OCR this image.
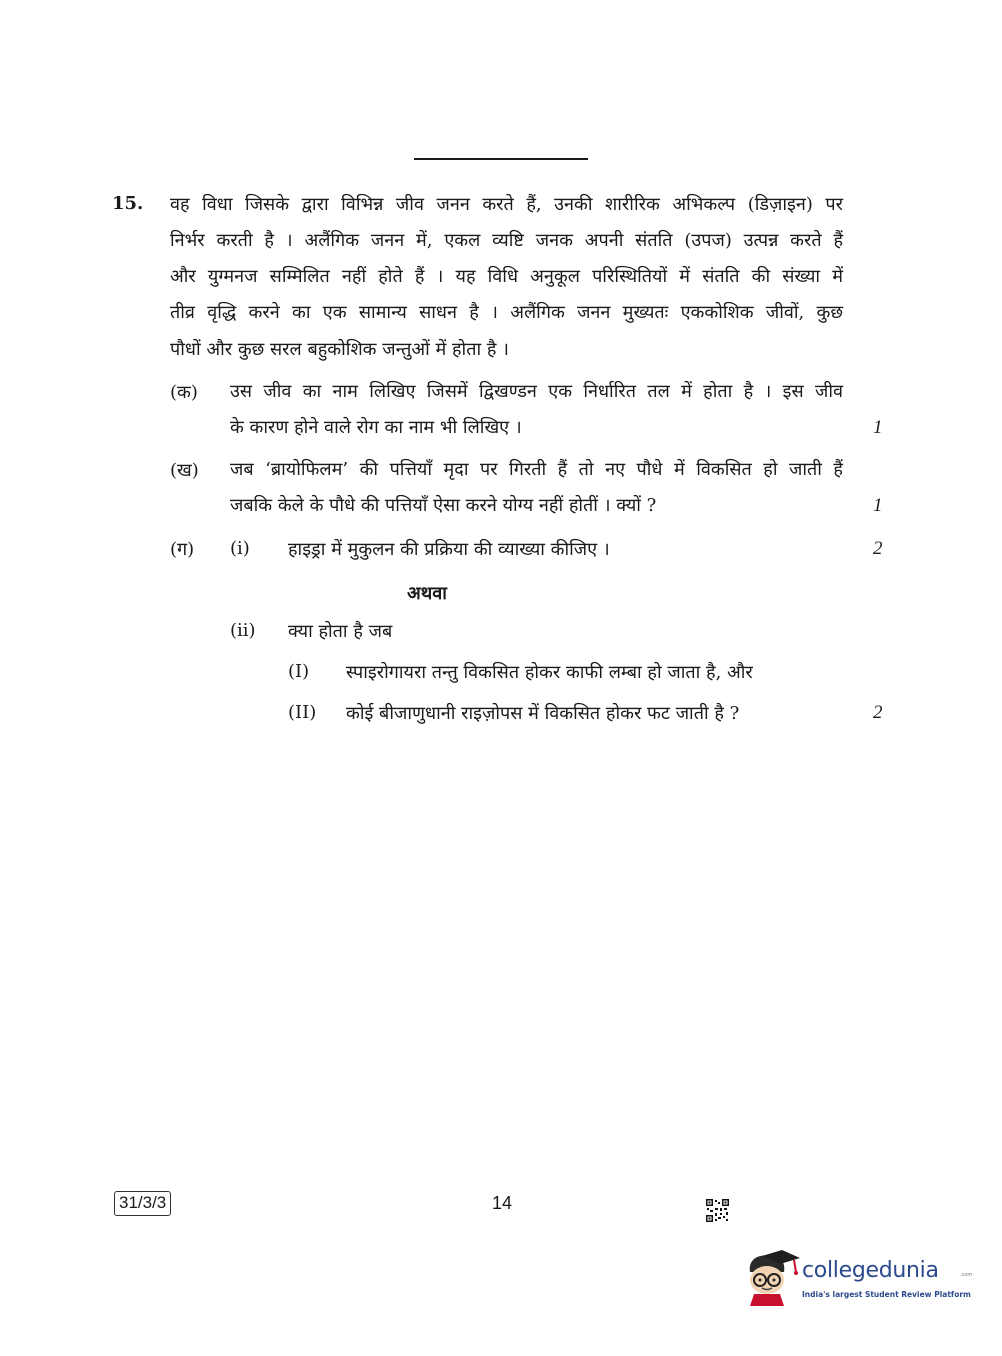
15. वह विधा जिसके द्वारा विभिन्न जीव जनन करते हैं, उनकी शारीरिक अभिकल्प (डिज़ाइन) पर
निर्भर करती है । अलैंगिक जनन में, एकल व्यष्टि जनक अपनी संतति (उपज) उत्पन्न करते हैं
और युग्मनज सम्मिलित नहीं होते हैं । यह विधि अनुकूल परिस्थितियों में संतति की संख्या में
तीव्र वृद्धि करने का एक सामान्य साधन है । अलैंगिक जनन मुख्यतः एककोशिक जीवों, कुछ
पौधों और कुछ सरल बहुकोशिक जन्तुओं में होता है ।
(क) उस जीव का नाम लिखिए जिसमें द्विखण्डन एक निर्धारित तल में होता है । इस जीव
के कारण होने वाले रोग का नाम भी लिखिए ।	1
(ख) जब ‘ब्रायोफिलम’ की पत्तियाँ मृदा पर गिरती हैं तो नए पौधे में विकसित हो जाती हैं
जबकि केले के पौधे की पत्तियाँ ऐसा करने योग्य नहीं होतीं । क्यों ?	1
(ग) (i) हाइड्रा में मुकुलन की प्रक्रिया की व्याख्या कीजिए ।	2
अथवा
(ii) क्या होता है जब
(I) स्पाइरोगायरा तन्तु विकसित होकर काफी लम्बा हो जाता है, और
(II) कोई बीजाणुधानी राइज़ोपस में विकसित होकर फट जाती है ?	2
31/3/3	14
collegedunia	.com
India's largest Student Review Platform
